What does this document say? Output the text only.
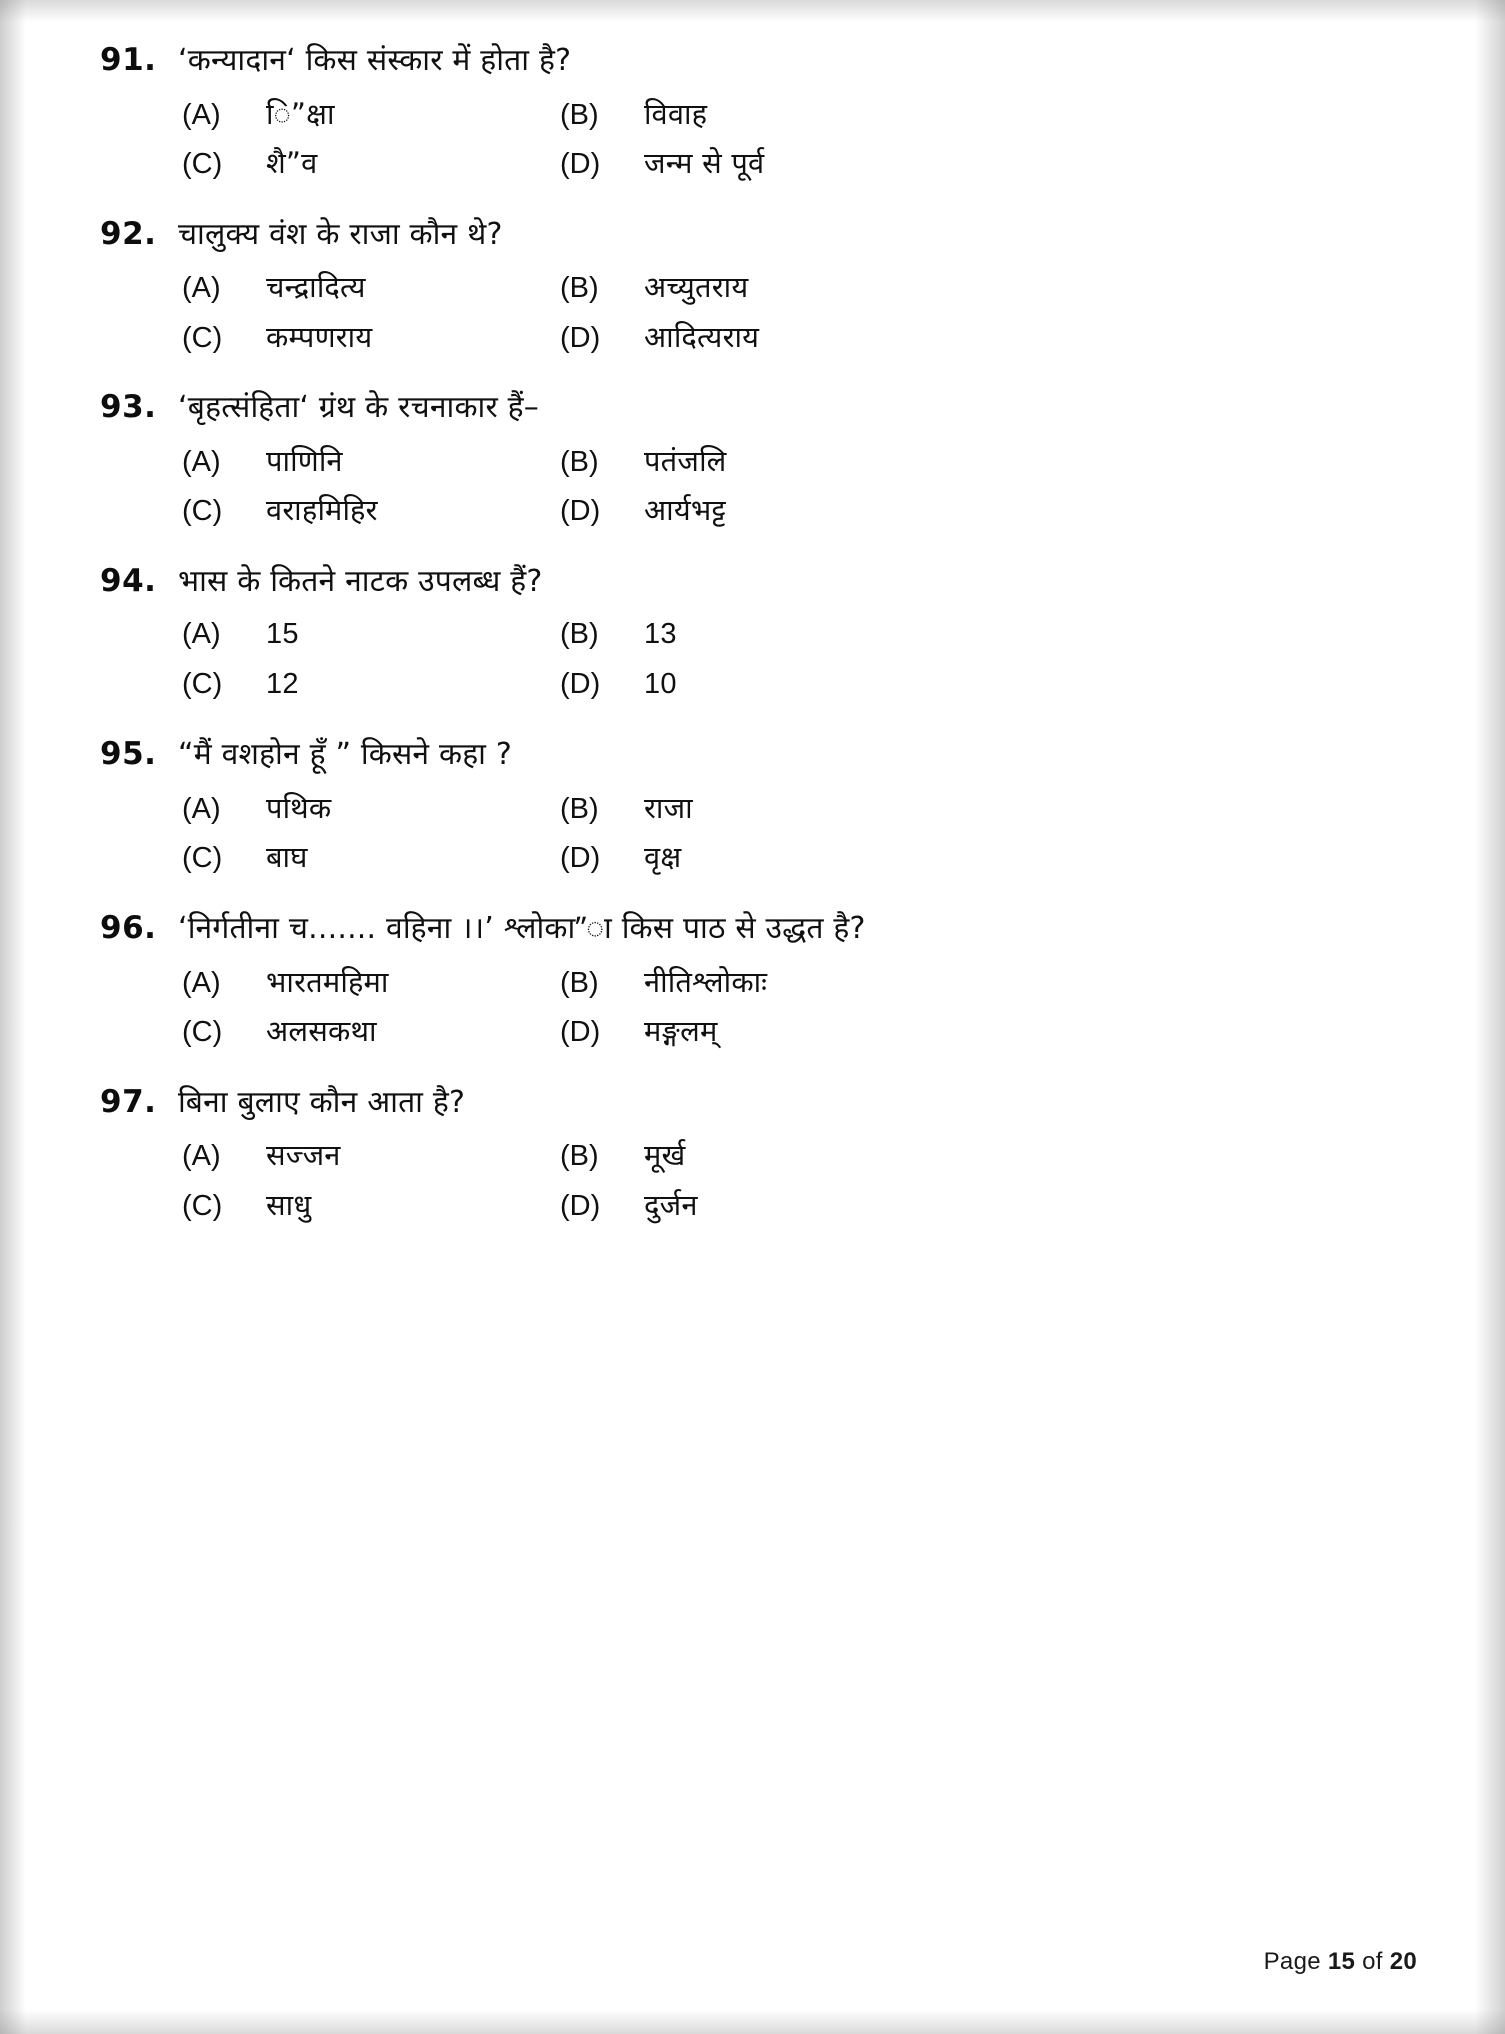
91. ‘कन्यादान‘ किस संस्कार में होता है?
(A)	ि”क्षा	(B)	विवाह
(C)	शै”व	(D)	जन्म से पूर्व
92. चालुक्य वंश के राजा कौन थे?
(A)	चन्द्रादित्य	(B)	अच्युतराय
(C)	कम्पणराय	(D)	आदित्यराय
93. ‘बृहत्संहिता‘ ग्रंथ के रचनाकार हैं–
(A)	पाणिनि	(B)	पतंजलि
(C)	वराहमिहिर	(D)	आर्यभट्ट
94. भास के कितने नाटक उपलब्ध हैं?
(A)	15	(B)	13
(C)	12	(D)	10
95. “मैं वशहोन हूँ ” किसने कहा ?
(A)	पथिक	(B)	राजा
(C)	बाघ	(D)	वृक्ष
96. ‘निर्गतीना च....... वहिना ।।’ श्लोका”ा किस पाठ से उद्धत है?
(A)	भारतमहिमा	(B)	नीतिश्लोकाः
(C)	अलसकथा	(D)	मङ्गलम्
97. बिना बुलाए कौन आता है?
(A)	सज्जन	(B)	मूर्ख
(C)	साधु	(D)	दुर्जन
Page 15 of 20
